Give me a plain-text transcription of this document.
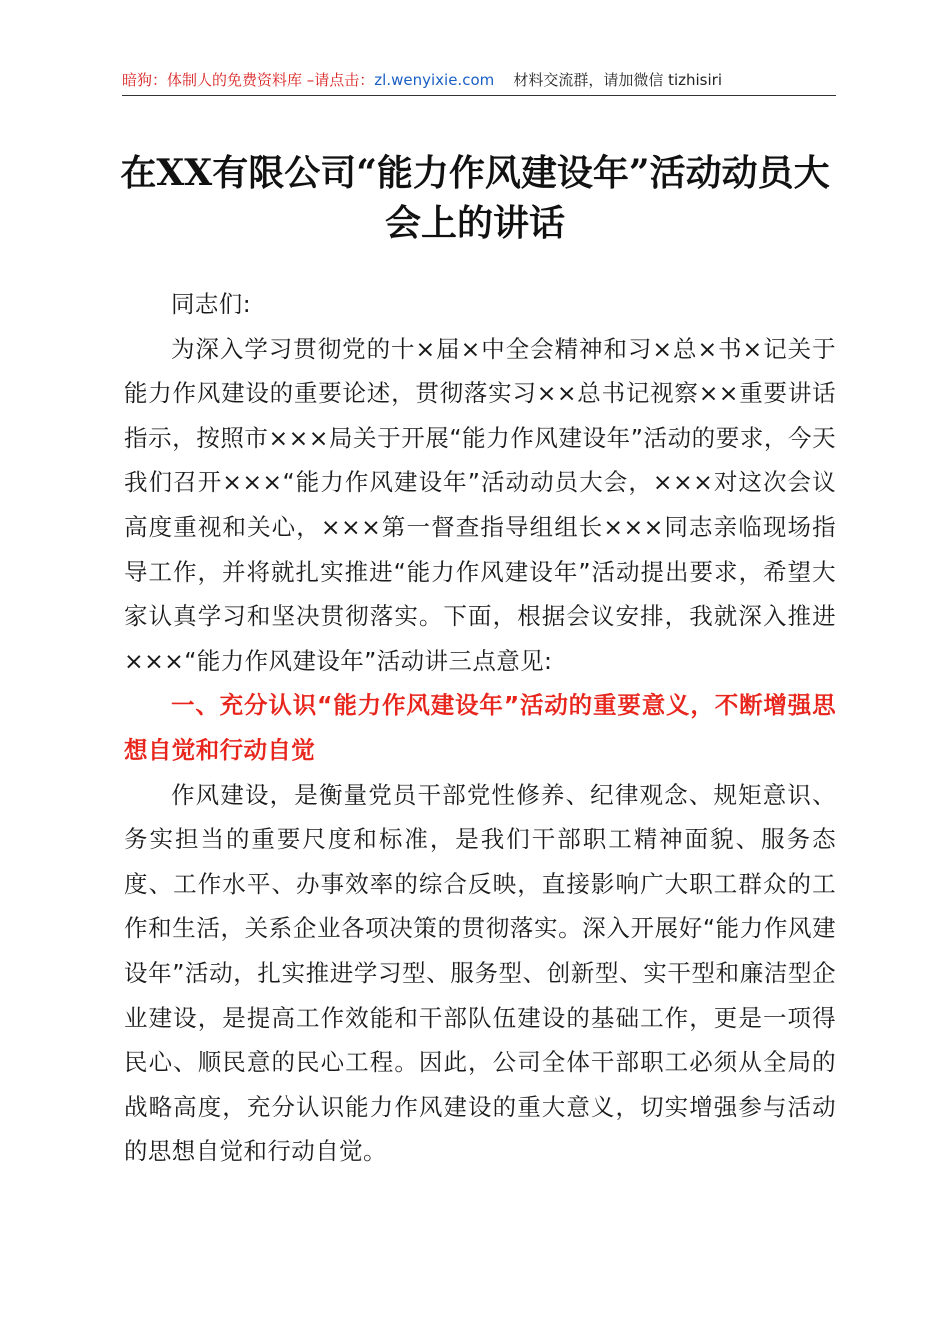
暗狗：体制人的免费资料库 –请点击：zl.wenyixie.com 材料交流群，请加微信 tizhisiri
在XX有限公司“能力作风建设年”活动动员大会上的讲话

同志们:

为深入学习贯彻党的十×届×中全会精神和习×总×书×记关于能力作风建设的重要论述，贯彻落实习××总书记视察××重要讲话指示，按照市×××局关于开展“能力作风建设年”活动的要求，今天我们召开×××“能力作风建设年”活动动员大会，×××对这次会议高度重视和关心，×××第一督查指导组组长×××同志亲临现场指导工作，并将就扎实推进“能力作风建设年”活动提出要求，希望大家认真学习和坚决贯彻落实。下面，根据会议安排，我就深入推进×××“能力作风建设年”活动讲三点意见:

一、充分认识“能力作风建设年”活动的重要意义，不断增强思想自觉和行动自觉

作风建设，是衡量党员干部党性修养、纪律观念、规矩意识、务实担当的重要尺度和标准，是我们干部职工精神面貌、服务态度、工作水平、办事效率的综合反映，直接影响广大职工群众的工作和生活，关系企业各项决策的贯彻落实。深入开展好“能力作风建设年”活动，扎实推进学习型、服务型、创新型、实干型和廉洁型企业建设，是提高工作效能和干部队伍建设的基础工作，更是一项得民心、顺民意的民心工程。因此，公司全体干部职工必须从全局的战略高度，充分认识能力作风建设的重大意义，切实增强参与活动的思想自觉和行动自觉。
